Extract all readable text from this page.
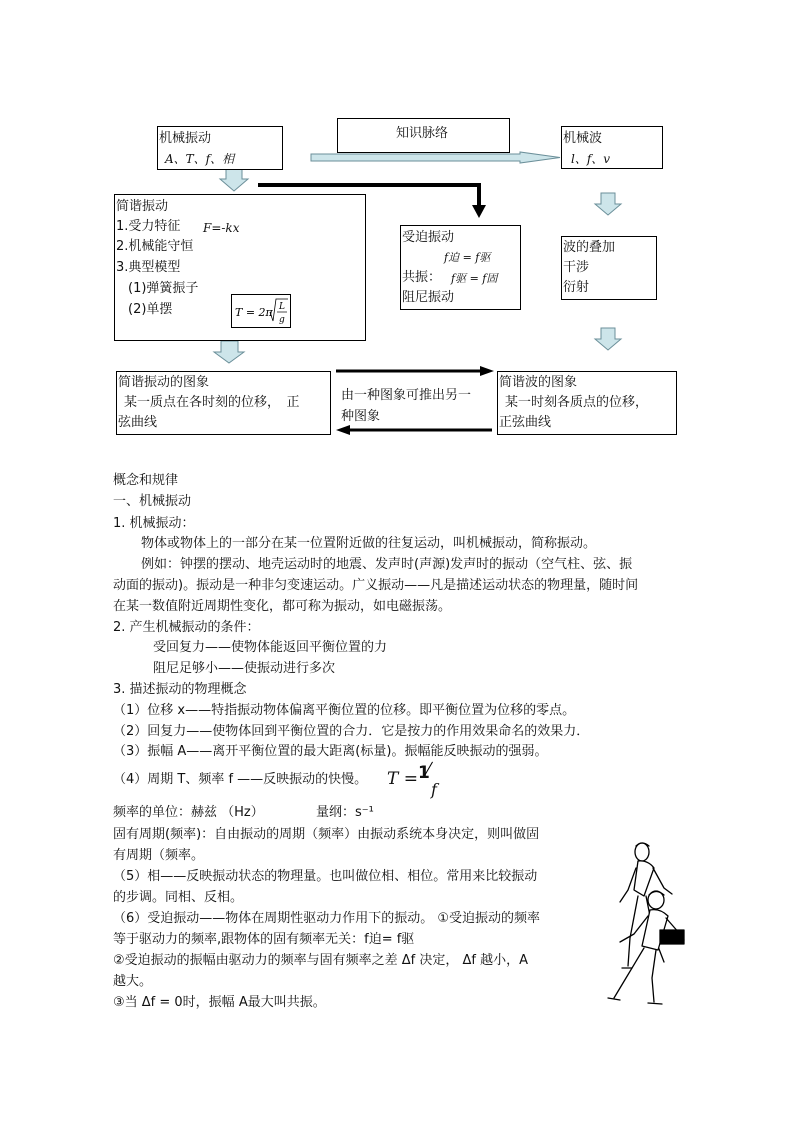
机械振动
A、T、f、相
知识脉络	机械波
l、f、v
简谐振动
1.受力特征 F=-kx
2.机械能守恒
3.典型模型
(1)弹簧振子
(2)单摆	T = 2π L
g
受迫振动
f迫 = f驱
共振： f驱 = f固
阻尼振动
波的叠加
干涉
衍射
简谐振动的图象
某一质点在各时刻的位移，　正
弦曲线
由一种图象可推出另一
种图象
简谐波的图象
某一时刻各质点的位移，
正弦曲线
概念和规律
一、机械振动
1. 机械振动：
物体或物体上的一部分在某一位置附近做的往复运动，叫机械振动，简称振动。
例如：钟摆的摆动、地壳运动时的地震、发声时(声源)发声时的振动（空气柱、弦、振
动面的振动)。振动是一种非匀变速运动。广义振动——凡是描述运动状态的物理量，随时间
在某一数值附近周期性变化，都可称为振动，如电磁振荡。
2. 产生机械振动的条件：
受回复力——使物体能返回平衡位置的力
阻尼足够小——使振动进行多次
3. 描述振动的物理概念
（1）位移 x——特指振动物体偏离平衡位置的位移。即平衡位置为位移的零点。
（2）回复力——使物体回到平衡位置的合力．它是按力的作用效果命名的效果力．
（3）振幅 A——离开平衡位置的最大距离(标量)。振幅能反映振动的强弱。
（4）周期 T、频率 f ——反映振动的快慢。 T = 1
f
频率的单位：赫兹 （Hz）	量纲：s⁻¹
固有周期(频率)：自由振动的周期（频率）由振动系统本身决定，则叫做固
有周期（频率。
（5）相——反映振动状态的物理量。也叫做位相、相位。常用来比较振动
的步调。同相、反相。
（6）受迫振动——物体在周期性驱动力作用下的振动。 ①受迫振动的频率
等于驱动力的频率,跟物体的固有频率无关：f迫= f驱
②受迫振动的振幅由驱动力的频率与固有频率之差 Δf 决定， Δf 越小，A
越大。
③当 Δf = 0时，振幅 A最大叫共振。
